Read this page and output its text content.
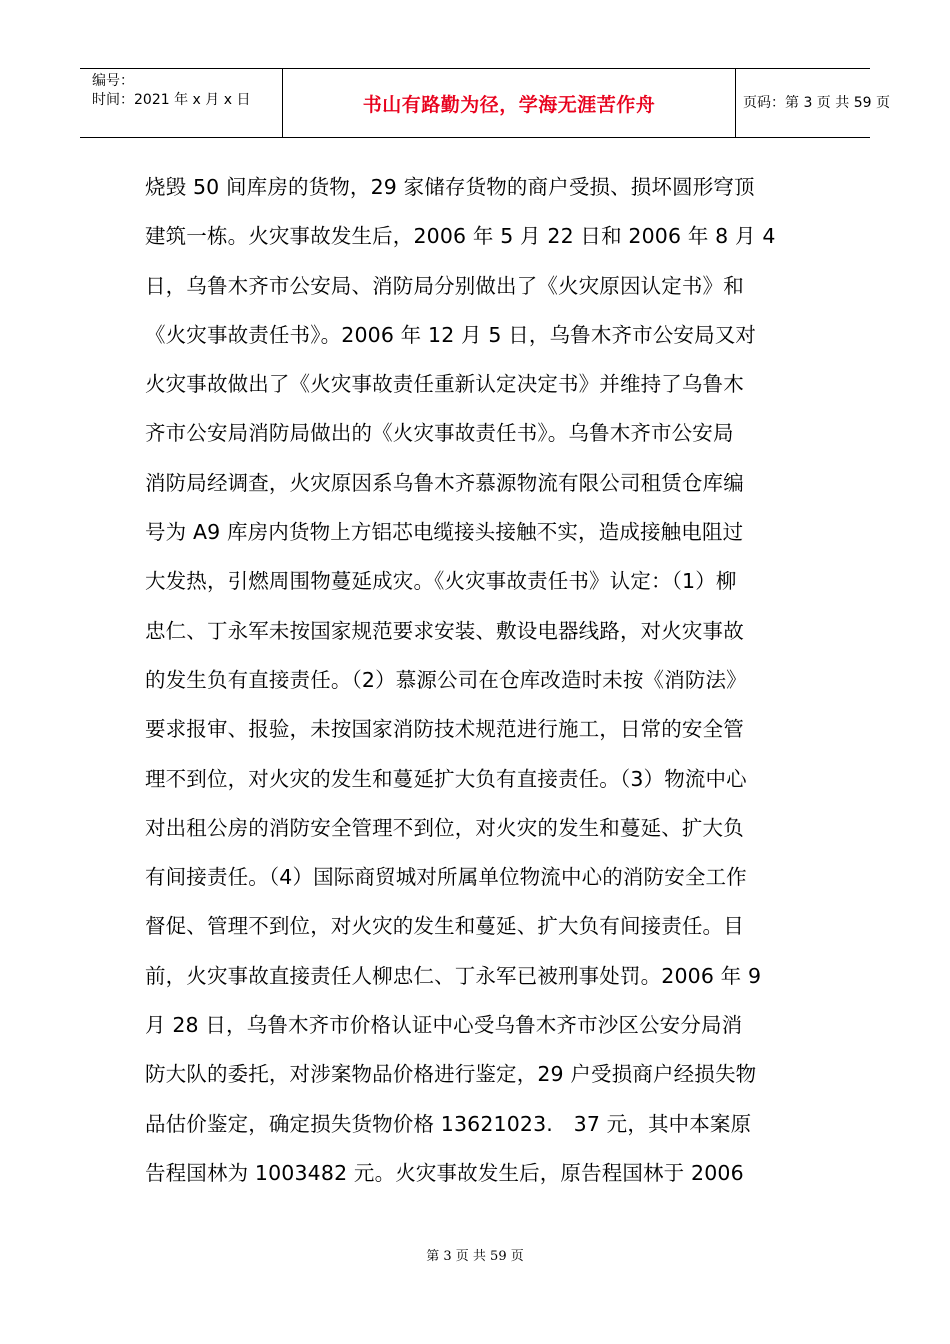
编号：
时间：2021 年 x 月 x 日	书山有路勤为径，学海无涯苦作舟	页码：第 3 页 共 59 页
烧毁 50 间库房的货物，29 家储存货物的商户受损、损坏圆形穹顶
建筑一栋。火灾事故发生后，2006 年 5 月 22 日和 2006 年 8 月 4
日，乌鲁木齐市公安局、消防局分别做出了《火灾原因认定书》和
《火灾事故责任书》。2006 年 12 月 5 日，乌鲁木齐市公安局又对
火灾事故做出了《火灾事故责任重新认定决定书》并维持了乌鲁木
齐市公安局消防局做出的《火灾事故责任书》。乌鲁木齐市公安局
消防局经调查，火灾原因系乌鲁木齐慕源物流有限公司租赁仓库编
号为 A9 库房内货物上方铝芯电缆接头接触不实，造成接触电阻过
大发热，引燃周围物蔓延成灾。《火灾事故责任书》认定：（1）柳
忠仁、丁永军未按国家规范要求安装、敷设电器线路，对火灾事故
的发生负有直接责任。（2）慕源公司在仓库改造时未按《消防法》
要求报审、报验，未按国家消防技术规范进行施工，日常的安全管
理不到位，对火灾的发生和蔓延扩大负有直接责任。（3）物流中心
对出租公房的消防安全管理不到位，对火灾的发生和蔓延、扩大负
有间接责任。（4）国际商贸城对所属单位物流中心的消防安全工作
督促、管理不到位，对火灾的发生和蔓延、扩大负有间接责任。目
前，火灾事故直接责任人柳忠仁、丁永军已被刑事处罚。2006 年 9
月 28 日，乌鲁木齐市价格认证中心受乌鲁木齐市沙区公安分局消
防大队的委托，对涉案物品价格进行鉴定，29 户受损商户经损失物
品估价鉴定，确定损失货物价格 13621023.　37 元，其中本案原
告程国林为 1003482 元。火灾事故发生后，原告程国林于 2006
第 3 页 共 59 页
